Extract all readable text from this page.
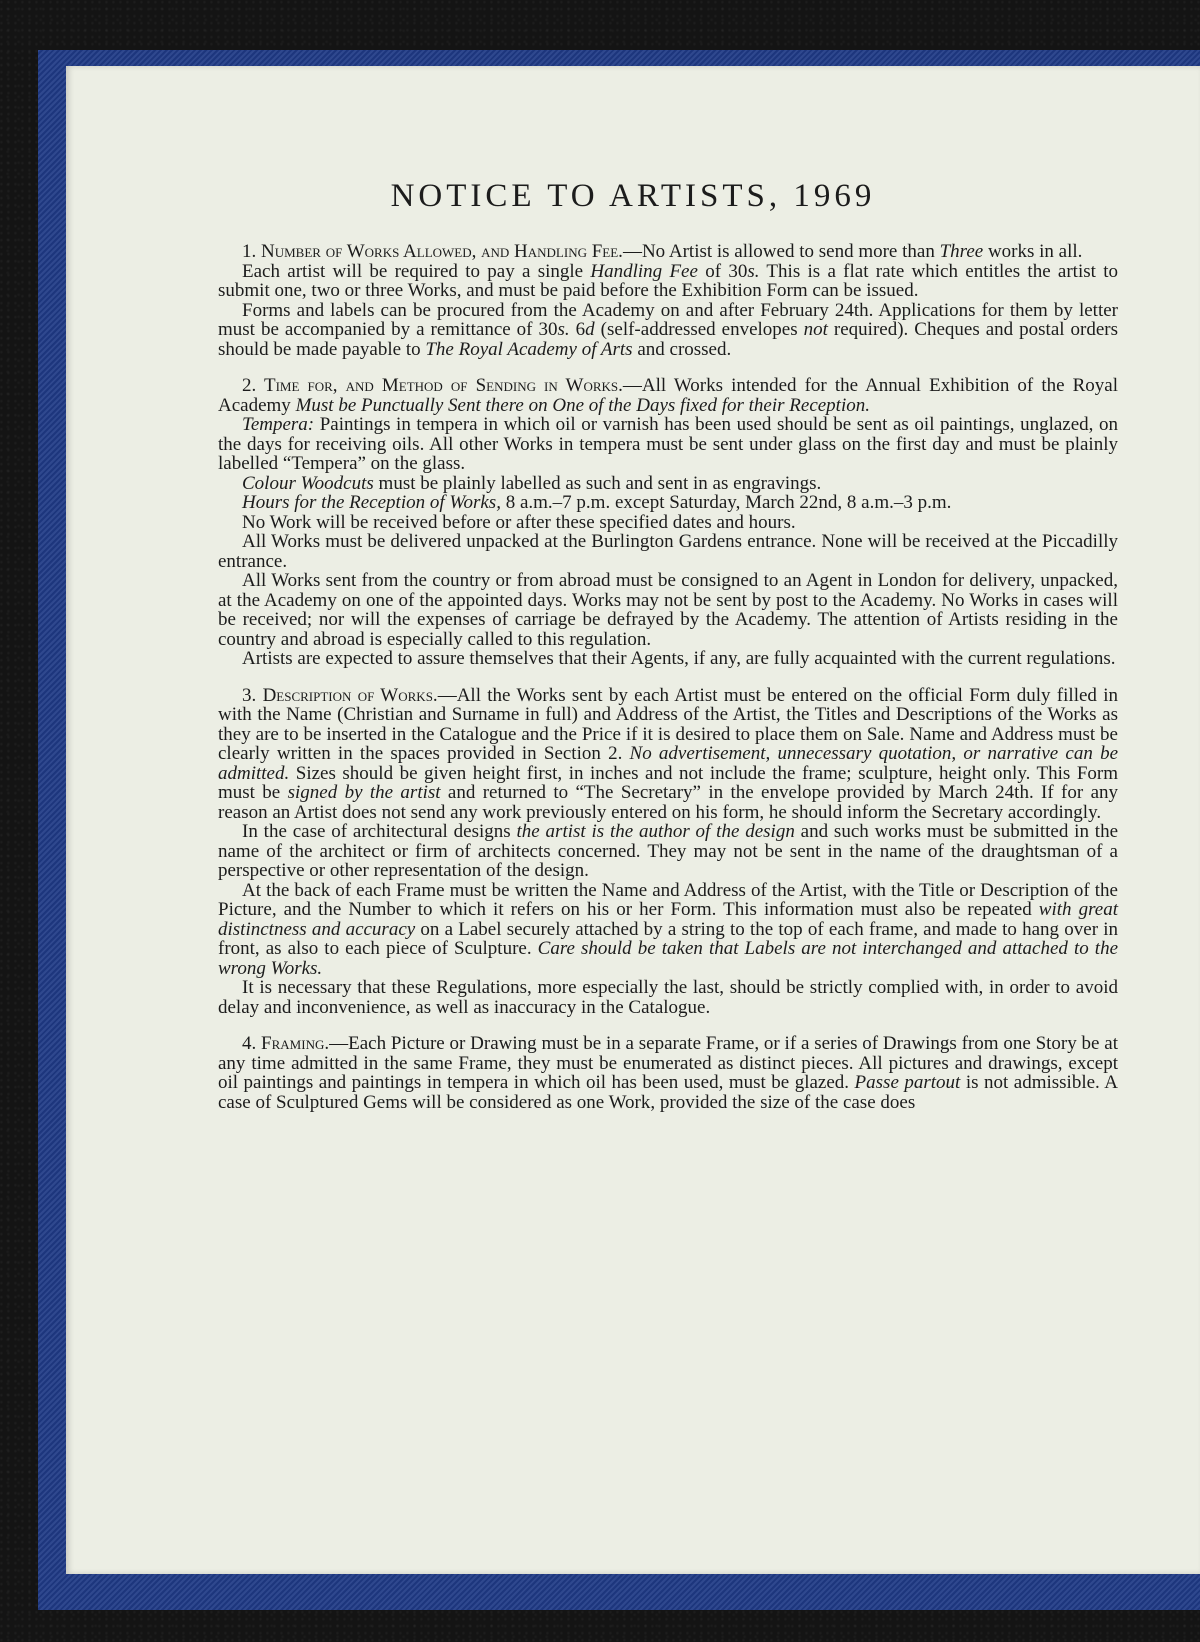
NOTICE TO ARTISTS, 1969

1. Number of Works Allowed, and Handling Fee.—No Artist is allowed to send more than Three works in all.

Each artist will be required to pay a single Handling Fee of 30s. This is a flat rate which entitles the artist to submit one, two or three Works, and must be paid before the Exhibition Form can be issued.

Forms and labels can be procured from the Academy on and after February 24th. Applications for them by letter must be accompanied by a remittance of 30s. 6d (self-addressed envelopes not required). Cheques and postal orders should be made payable to The Royal Academy of Arts and crossed.

2. Time for, and Method of Sending in Works.—All Works intended for the Annual Exhibition of the Royal Academy Must be Punctually Sent there on One of the Days fixed for their Reception.

Tempera: Paintings in tempera in which oil or varnish has been used should be sent as oil paintings, unglazed, on the days for receiving oils. All other Works in tempera must be sent under glass on the first day and must be plainly labelled “Tempera” on the glass.

Colour Woodcuts must be plainly labelled as such and sent in as engravings.

Hours for the Reception of Works, 8 a.m.–7 p.m. except Saturday, March 22nd, 8 a.m.–3 p.m.

No Work will be received before or after these specified dates and hours.

All Works must be delivered unpacked at the Burlington Gardens entrance. None will be received at the Piccadilly entrance.

All Works sent from the country or from abroad must be consigned to an Agent in London for delivery, unpacked, at the Academy on one of the appointed days. Works may not be sent by post to the Academy. No Works in cases will be received; nor will the expenses of carriage be defrayed by the Academy. The attention of Artists residing in the country and abroad is especially called to this regulation.

Artists are expected to assure themselves that their Agents, if any, are fully acquainted with the current regulations.

3. Description of Works.—All the Works sent by each Artist must be entered on the official Form duly filled in with the Name (Christian and Surname in full) and Address of the Artist, the Titles and Descriptions of the Works as they are to be inserted in the Catalogue and the Price if it is desired to place them on Sale. Name and Address must be clearly written in the spaces provided in Section 2. No advertisement, unnecessary quotation, or narrative can be admitted. Sizes should be given height first, in inches and not include the frame; sculpture, height only. This Form must be signed by the artist and returned to “The Secretary” in the envelope provided by March 24th. If for any reason an Artist does not send any work previously entered on his form, he should inform the Secretary accordingly.

In the case of architectural designs the artist is the author of the design and such works must be submitted in the name of the architect or firm of architects concerned. They may not be sent in the name of the draughtsman of a perspective or other representation of the design.

At the back of each Frame must be written the Name and Address of the Artist, with the Title or Description of the Picture, and the Number to which it refers on his or her Form. This information must also be repeated with great distinctness and accuracy on a Label securely attached by a string to the top of each frame, and made to hang over in front, as also to each piece of Sculpture. Care should be taken that Labels are not interchanged and attached to the wrong Works.

It is necessary that these Regulations, more especially the last, should be strictly complied with, in order to avoid delay and inconvenience, as well as inaccuracy in the Catalogue.

4. Framing.—Each Picture or Drawing must be in a separate Frame, or if a series of Drawings from one Story be at any time admitted in the same Frame, they must be enumerated as distinct pieces. All pictures and drawings, except oil paintings and paintings in tempera in which oil has been used, must be glazed. Passe partout is not admissible. A case of Sculptured Gems will be considered as one Work, provided the size of the case does
